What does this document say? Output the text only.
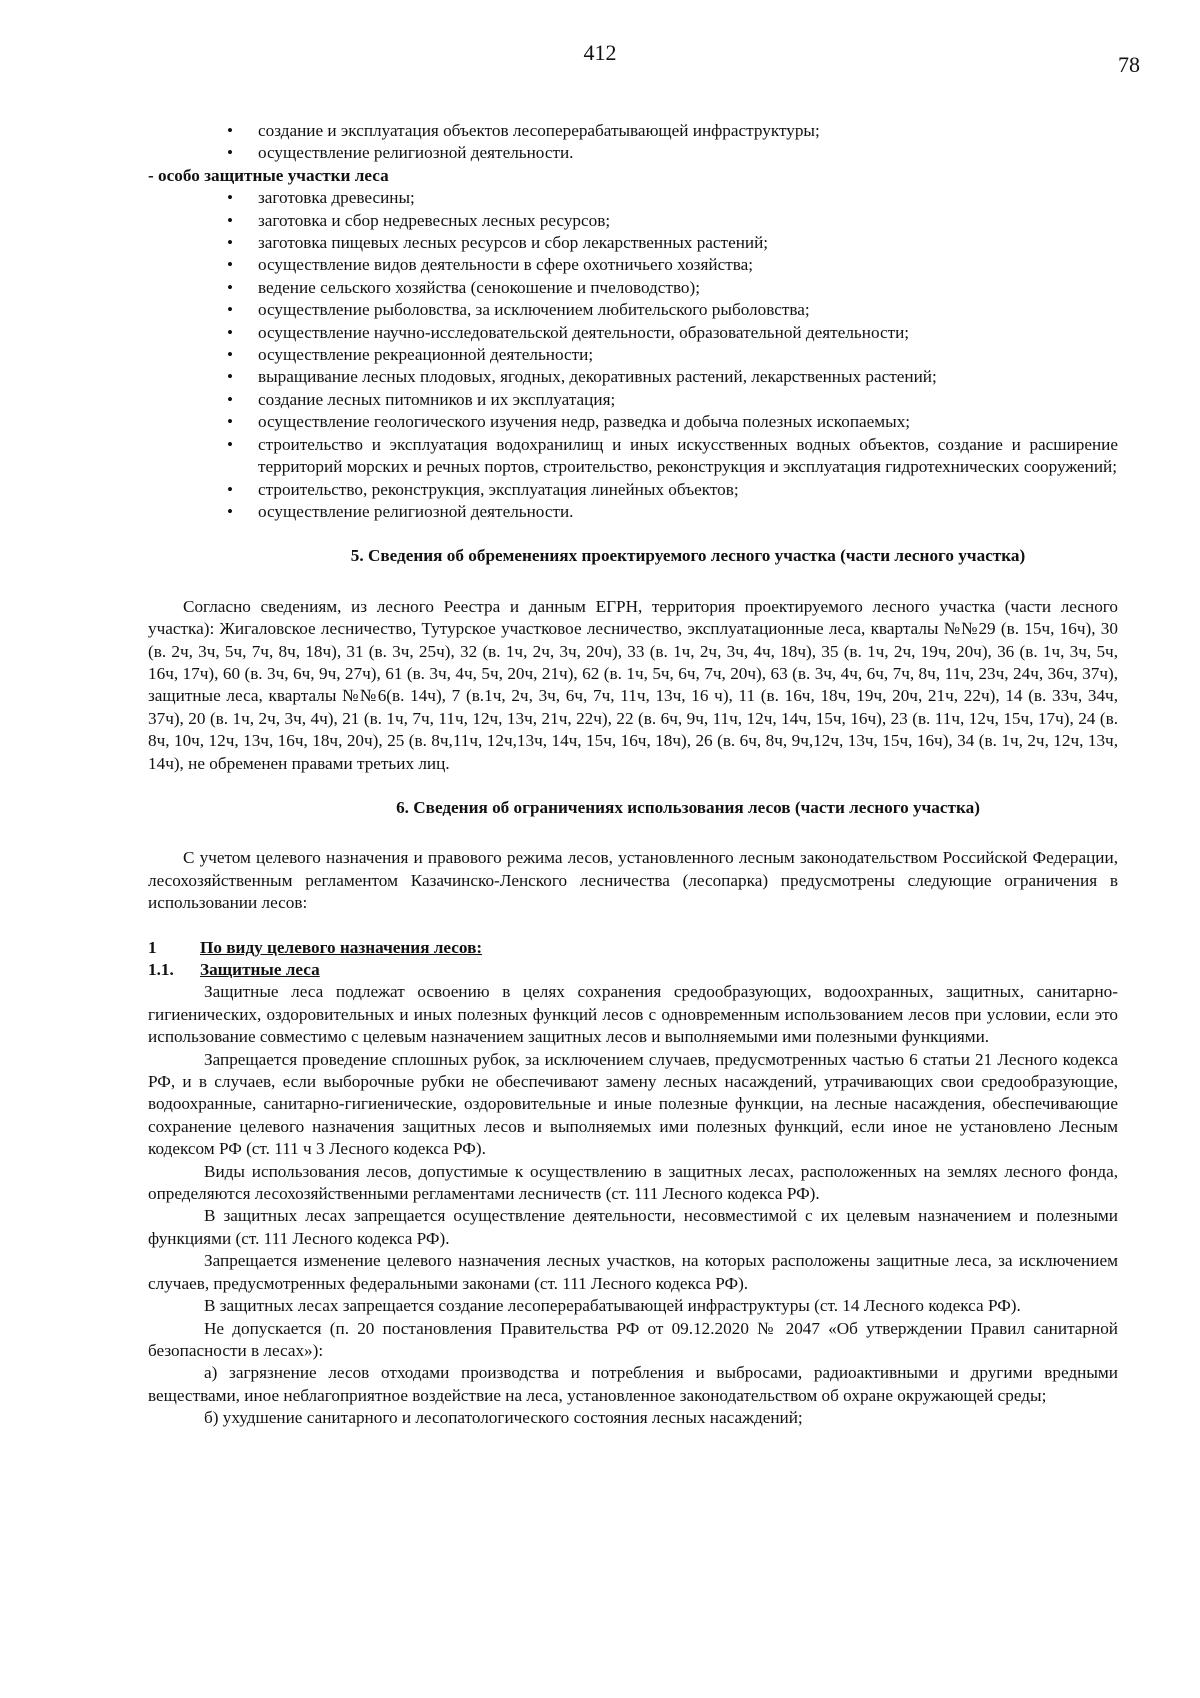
412	78
• создание и эксплуатация объектов лесоперерабатывающей инфраструктуры;
• осуществление религиозной деятельности.

- особо защитные участки леса

• заготовка древесины;
• заготовка и сбор недревесных лесных ресурсов;
• заготовка пищевых лесных ресурсов и сбор лекарственных растений;
• осуществление видов деятельности в сфере охотничьего хозяйства;
• ведение сельского хозяйства (сенокошение и пчеловодство);
• осуществление рыболовства, за исключением любительского рыболовства;
• осуществление научно-исследовательской деятельности, образовательной деятельности;
• осуществление рекреационной деятельности;
• выращивание лесных плодовых, ягодных, декоративных растений, лекарственных растений;
• создание лесных питомников и их эксплуатация;
• осуществление геологического изучения недр, разведка и добыча полезных ископаемых;
• строительство и эксплуатация водохранилищ и иных искусственных водных объектов, создание и расширение территорий морских и речных портов, строительство, реконструкция и эксплуатация гидротехнических сооружений;
• строительство, реконструкция, эксплуатация линейных объектов;
• осуществление религиозной деятельности.
5. Сведения об обременениях проектируемого лесного участка (части лесного участка)

Согласно сведениям, из лесного Реестра и данным ЕГРН, территория проектируемого лесного участка (части лесного участка): Жигаловское лесничество, Тутурское участковое лесничество, эксплуатационные леса, кварталы №№29 (в. 15ч, 16ч), 30 (в. 2ч, 3ч, 5ч, 7ч, 8ч, 18ч), 31 (в. 3ч, 25ч), 32 (в. 1ч, 2ч, 3ч, 20ч), 33 (в. 1ч, 2ч, 3ч, 4ч, 18ч), 35 (в. 1ч, 2ч, 19ч, 20ч), 36 (в. 1ч, 3ч, 5ч, 16ч, 17ч), 60 (в. 3ч, 6ч, 9ч, 27ч), 61 (в. 3ч, 4ч, 5ч, 20ч, 21ч), 62 (в. 1ч, 5ч, 6ч, 7ч, 20ч), 63 (в. 3ч, 4ч, 6ч, 7ч, 8ч, 11ч, 23ч, 24ч, 36ч, 37ч), защитные леса, кварталы №№6(в. 14ч), 7 (в.1ч, 2ч, 3ч, 6ч, 7ч, 11ч, 13ч, 16 ч), 11 (в. 16ч, 18ч, 19ч, 20ч, 21ч, 22ч), 14 (в. 33ч, 34ч, 37ч), 20 (в. 1ч, 2ч, 3ч, 4ч), 21 (в. 1ч, 7ч, 11ч, 12ч, 13ч, 21ч, 22ч), 22 (в. 6ч, 9ч, 11ч, 12ч, 14ч, 15ч, 16ч), 23 (в. 11ч, 12ч, 15ч, 17ч), 24 (в. 8ч, 10ч, 12ч, 13ч, 16ч, 18ч, 20ч), 25 (в. 8ч,11ч, 12ч,13ч, 14ч, 15ч, 16ч, 18ч), 26 (в. 6ч, 8ч, 9ч,12ч, 13ч, 15ч, 16ч), 34 (в. 1ч, 2ч, 12ч, 13ч, 14ч), не обременен правами третьих лиц.

6. Сведения об ограничениях использования лесов (части лесного участка)

С учетом целевого назначения и правового режима лесов, установленного лесным законодательством Российской Федерации, лесохозяйственным регламентом Казачинско-Ленского лесничества (лесопарка) предусмотрены следующие ограничения в использовании лесов:

1	По виду целевого назначения лесов:
1.1.	Защитные леса

Защитные леса подлежат освоению в целях сохранения средообразующих, водоохранных, защитных, санитарно-гигиенических, оздоровительных и иных полезных функций лесов с одновременным использованием лесов при условии, если это использование совместимо с целевым назначением защитных лесов и выполняемыми ими полезными функциями.

Запрещается проведение сплошных рубок, за исключением случаев, предусмотренных частью 6 статьи 21 Лесного кодекса РФ, и в случаев, если выборочные рубки не обеспечивают замену лесных насаждений, утрачивающих свои средообразующие, водоохранные, санитарно-гигиенические, оздоровительные и иные полезные функции, на лесные насаждения, обеспечивающие сохранение целевого назначения защитных лесов и выполняемых ими полезных функций, если иное не установлено Лесным кодексом РФ (ст. 111 ч 3 Лесного кодекса РФ).

Виды использования лесов, допустимые к осуществлению в защитных лесах, расположенных на землях лесного фонда, определяются лесохозяйственными регламентами лесничеств (ст. 111 Лесного кодекса РФ).

В защитных лесах запрещается осуществление деятельности, несовместимой с их целевым назначением и полезными функциями (ст. 111 Лесного кодекса РФ).

Запрещается изменение целевого назначения лесных участков, на которых расположены защитные леса, за исключением случаев, предусмотренных федеральными законами (ст. 111 Лесного кодекса РФ).

В защитных лесах запрещается создание лесоперерабатывающей инфраструктуры (ст. 14 Лесного кодекса РФ).

Не допускается (п. 20 постановления Правительства РФ от 09.12.2020 № 2047 «Об утверждении Правил санитарной безопасности в лесах»):

а) загрязнение лесов отходами производства и потребления и выбросами, радиоактивными и другими вредными веществами, иное неблагоприятное воздействие на леса, установленное законодательством об охране окружающей среды;

б) ухудшение санитарного и лесопатологического состояния лесных насаждений;
